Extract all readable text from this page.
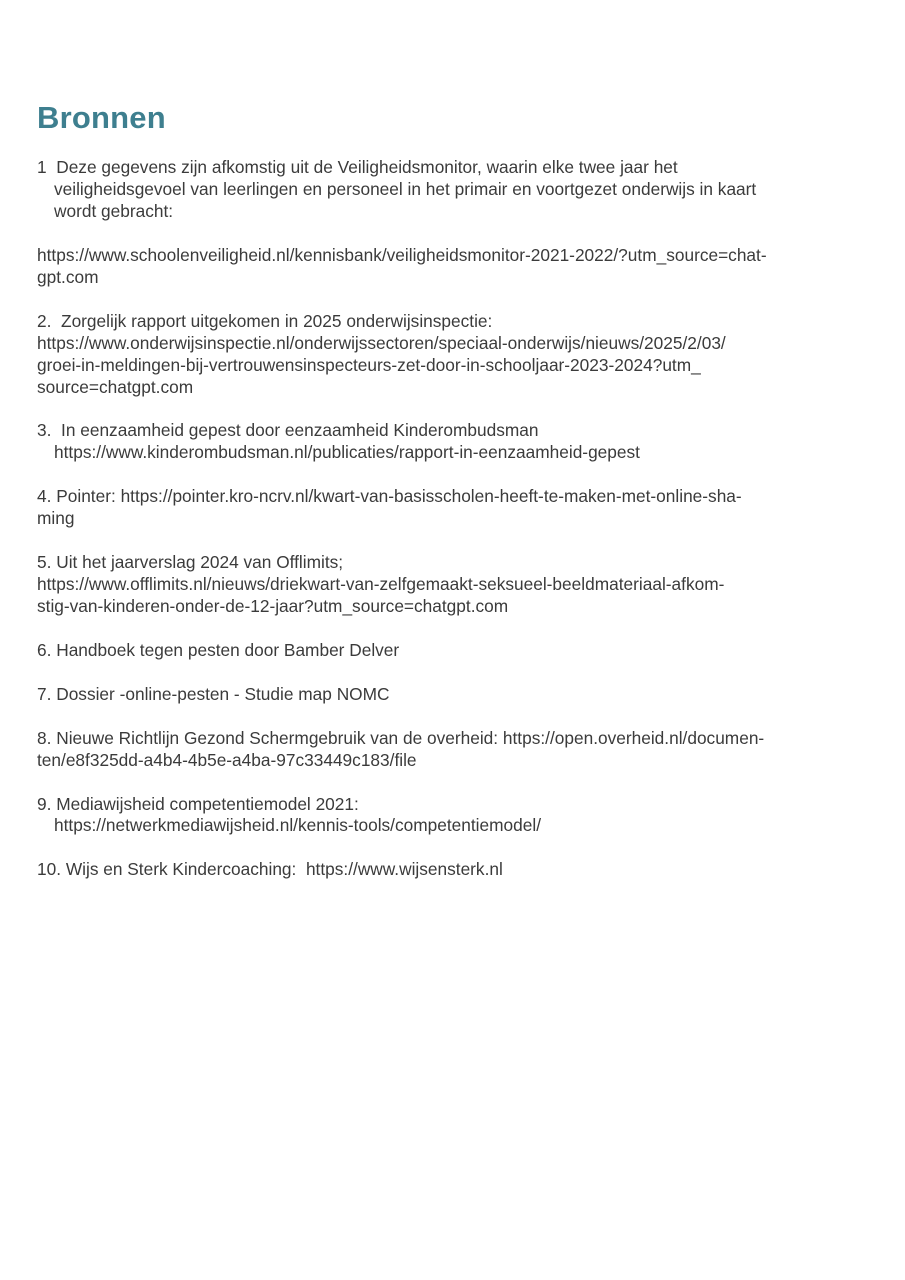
Bronnen
1  Deze gegevens zijn afkomstig uit de Veiligheidsmonitor, waarin elke twee jaar het
veiligheidsgevoel van leerlingen en personeel in het primair en voortgezet onderwijs in kaart
wordt gebracht:
https://www.schoolenveiligheid.nl/kennisbank/veiligheidsmonitor-2021-2022/?utm_source=chat-
gpt.com
2.  Zorgelijk rapport uitgekomen in 2025 onderwijsinspectie:
https://www.onderwijsinspectie.nl/onderwijssectoren/speciaal-onderwijs/nieuws/2025/2/03/
groei-in-meldingen-bij-vertrouwensinspecteurs-zet-door-in-schooljaar-2023-2024?utm_
source=chatgpt.com
3.  In eenzaamheid gepest door eenzaamheid Kinderombudsman
https://www.kinderombudsman.nl/publicaties/rapport-in-eenzaamheid-gepest
4. Pointer: https://pointer.kro-ncrv.nl/kwart-van-basisscholen-heeft-te-maken-met-online-sha-
ming
5. Uit het jaarverslag 2024 van Offlimits;
https://www.offlimits.nl/nieuws/driekwart-van-zelfgemaakt-seksueel-beeldmateriaal-afkom-
stig-van-kinderen-onder-de-12-jaar?utm_source=chatgpt.com
6. Handboek tegen pesten door Bamber Delver
7. Dossier -online-pesten - Studie map NOMC
8. Nieuwe Richtlijn Gezond Schermgebruik van de overheid: https://open.overheid.nl/documen-
ten/e8f325dd-a4b4-4b5e-a4ba-97c33449c183/file
9. Mediawijsheid competentiemodel 2021:
https://netwerkmediawijsheid.nl/kennis-tools/competentiemodel/
10. Wijs en Sterk Kindercoaching:  https://www.wijsensterk.nl
